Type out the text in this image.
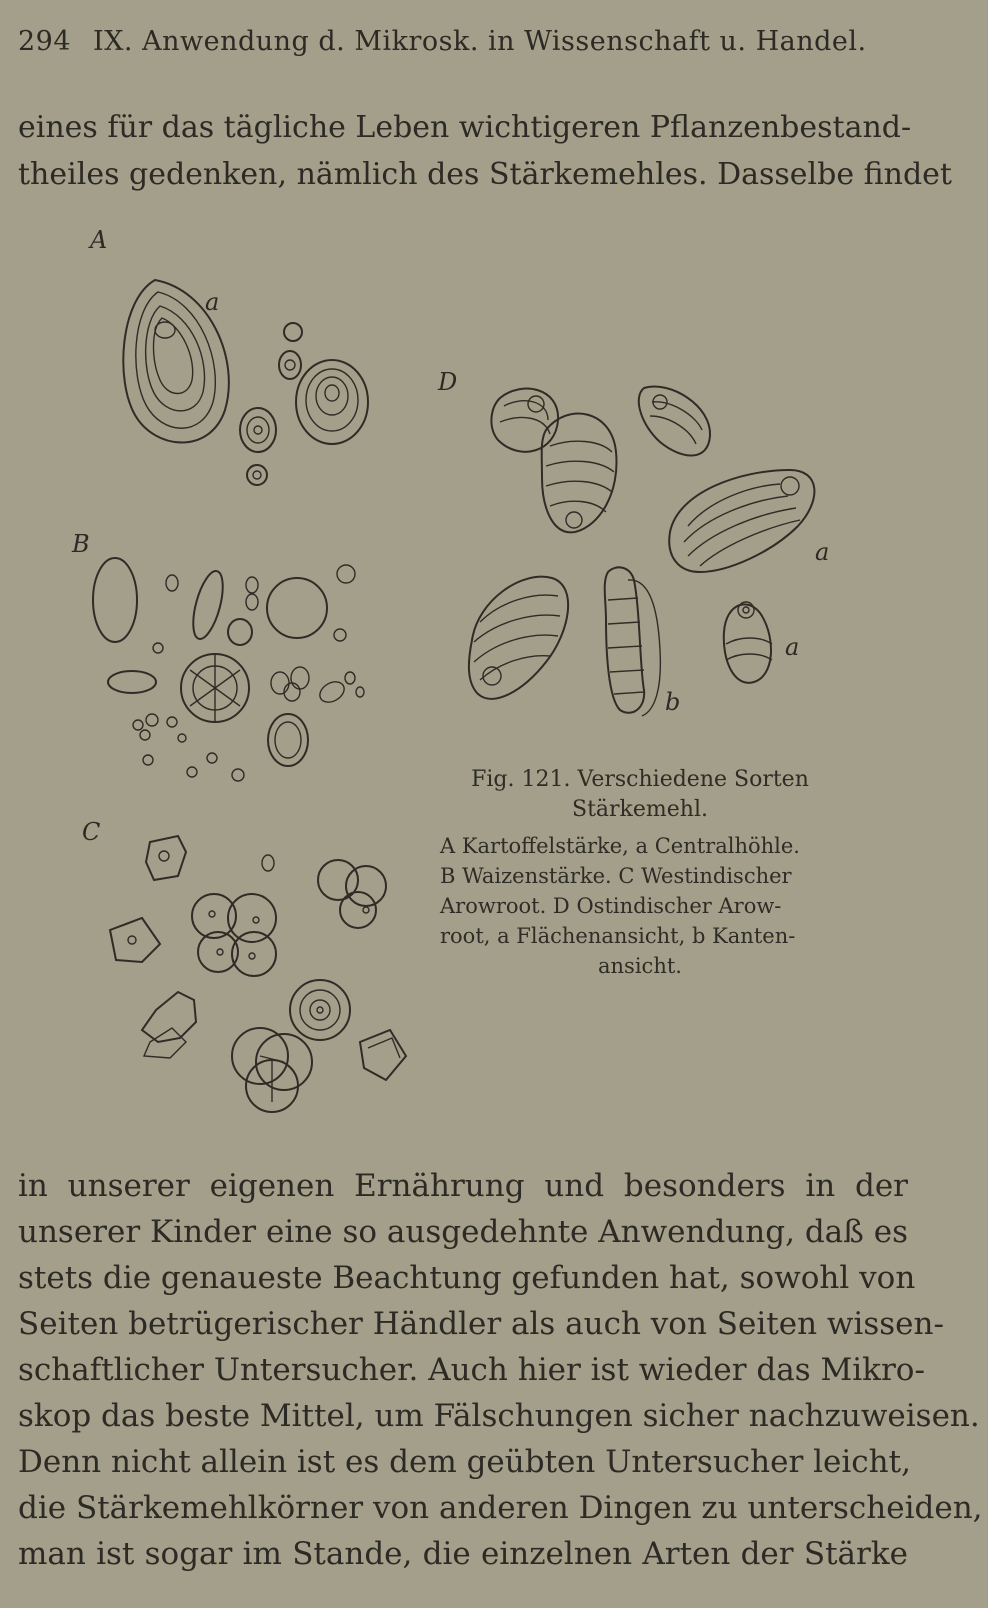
294 IX. Anwendung d. Mikrosk. in Wissenschaft u. Handel.
eines für das tägliche Leben wichtigeren Pflanzenbestand-
theiles gedenken, nämlich des Stärkemehles. Dasselbe findet
A
B
C
D
a
a
a
b
Fig. 121. Verschiedene Sorten
Stärkemehl.
A Kartoffelstärke, a Centralhöhle.
B Waizenstärke. C Westindischer
Arowroot. D Ostindischer Arow-
root, a Flächenansicht, b Kanten-
ansicht.
in unserer eigenen Ernährung und besonders in der
unserer Kinder eine so ausgedehnte Anwendung, daß es
stets die genaueste Beachtung gefunden hat, sowohl von
Seiten betrügerischer Händler als auch von Seiten wissen-
schaftlicher Untersucher. Auch hier ist wieder das Mikro-
skop das beste Mittel, um Fälschungen sicher nachzuweisen.
Denn nicht allein ist es dem geübten Untersucher leicht,
die Stärkemehlkörner von anderen Dingen zu unterscheiden,
man ist sogar im Stande, die einzelnen Arten der Stärke
